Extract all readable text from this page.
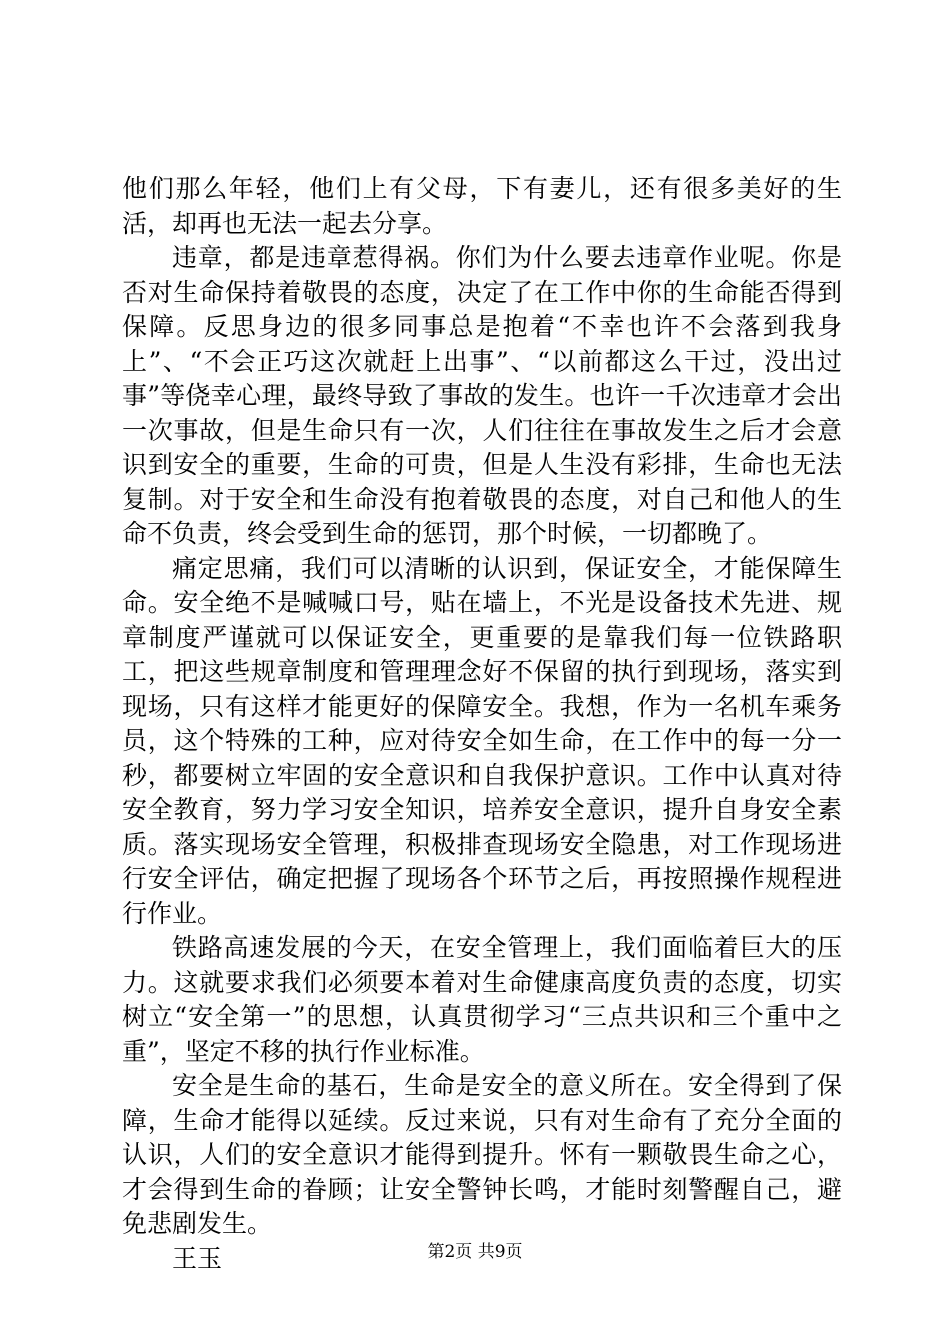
他们那么年轻，他们上有父母，下有妻儿，还有很多美好的生活，却再也无法一起去分享。

违章，都是违章惹得祸。你们为什么要去违章作业呢。你是否对生命保持着敬畏的态度，决定了在工作中你的生命能否得到保障。反思身边的很多同事总是抱着“不幸也许不会落到我身上”、“不会正巧这次就赶上出事”、“以前都这么干过，没出过事”等侥幸心理，最终导致了事故的发生。也许一千次违章才会出一次事故，但是生命只有一次，人们往往在事故发生之后才会意识到安全的重要，生命的可贵，但是人生没有彩排，生命也无法复制。对于安全和生命没有抱着敬畏的态度，对自己和他人的生命不负责，终会受到生命的惩罚，那个时候，一切都晚了。

痛定思痛，我们可以清晰的认识到，保证安全，才能保障生命。安全绝不是喊喊口号，贴在墙上，不光是设备技术先进、规章制度严谨就可以保证安全，更重要的是靠我们每一位铁路职工，把这些规章制度和管理理念好不保留的执行到现场，落实到现场，只有这样才能更好的保障安全。我想，作为一名机车乘务员，这个特殊的工种，应对待安全如生命，在工作中的每一分一秒，都要树立牢固的安全意识和自我保护意识。工作中认真对待安全教育，努力学习安全知识，培养安全意识，提升自身安全素质。落实现场安全管理，积极排查现场安全隐患，对工作现场进行安全评估，确定把握了现场各个环节之后，再按照操作规程进行作业。

铁路高速发展的今天，在安全管理上，我们面临着巨大的压力。这就要求我们必须要本着对生命健康高度负责的态度，切实树立“安全第一”的思想，认真贯彻学习“三点共识和三个重中之重”，坚定不移的执行作业标准。

安全是生命的基石，生命是安全的意义所在。安全得到了保障，生命才能得以延续。反过来说，只有对生命有了充分全面的认识，人们的安全意识才能得到提升。怀有一颗敬畏生命之心，才会得到生命的眷顾；让安全警钟长鸣，才能时刻警醒自己，避免悲剧发生。

王玉	第2页 共9页
